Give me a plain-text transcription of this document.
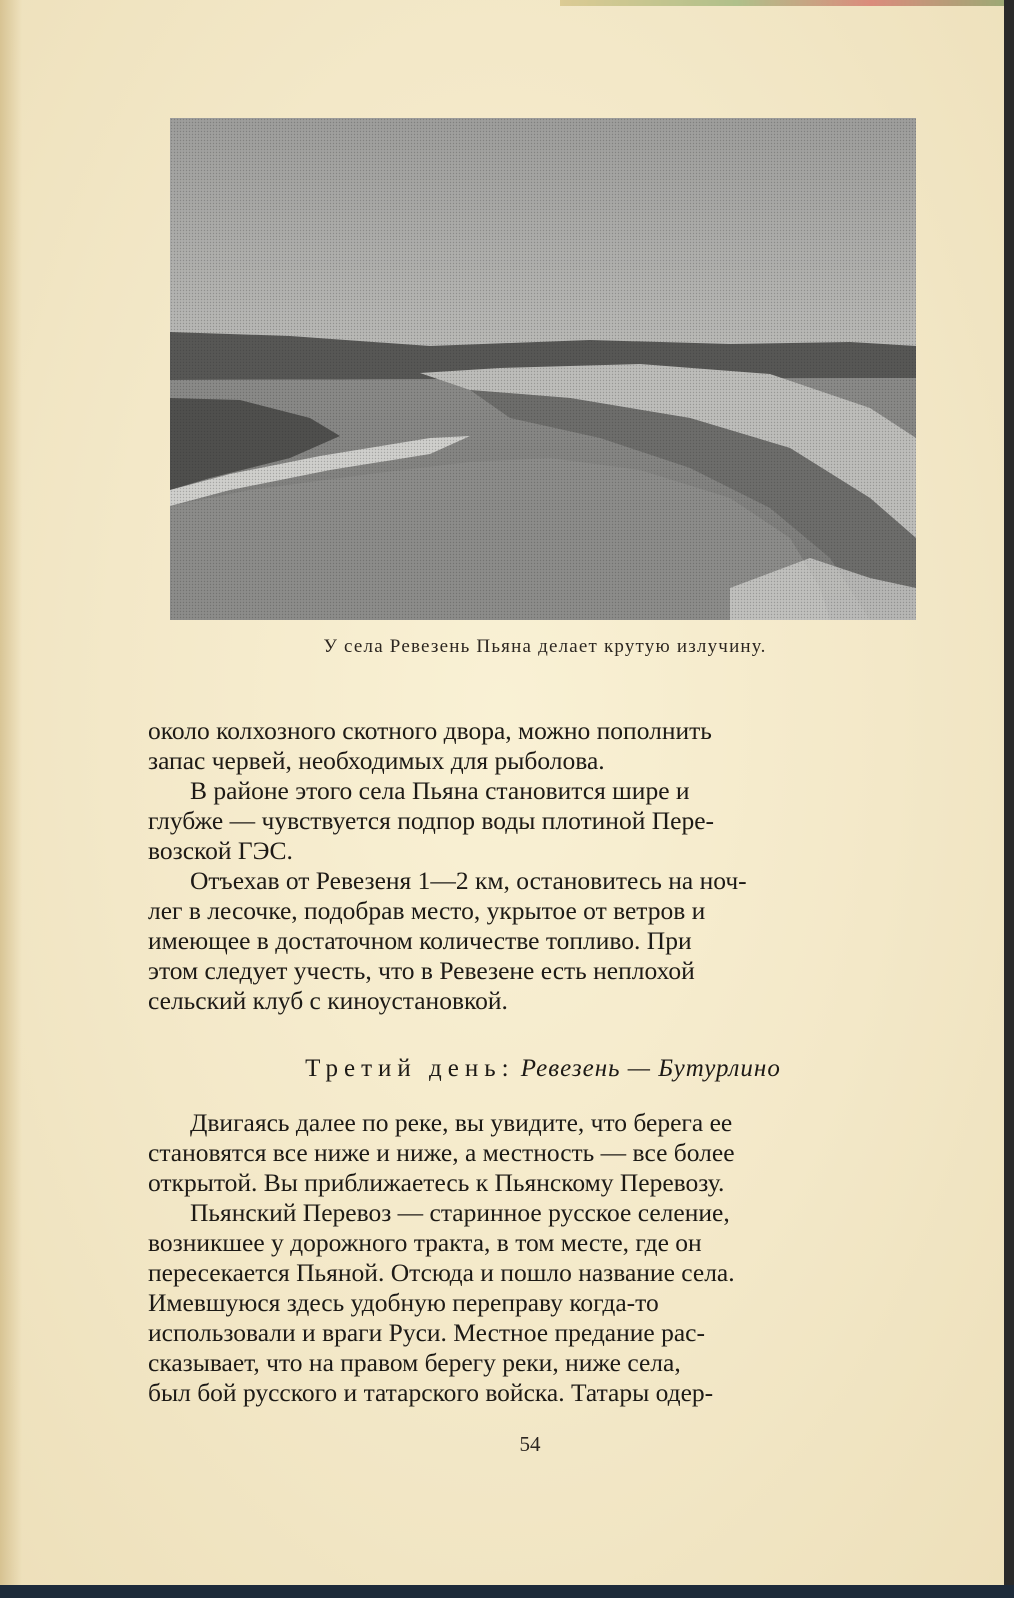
У села Ревезень Пьяна делает крутую излучину.

около колхозного скотного двора, можно пополнить
запас червей, необходимых для рыболова.

В районе этого села Пьяна становится шире и
глубже — чувствуется подпор воды плотиной Пере-
возской ГЭС.

Отъехав от Ревезеня 1—2 км, остановитесь на ноч-
лег в лесочке, подобрав место, укрытое от ветров и
имеющее в достаточном количестве топливо. При
этом следует учесть, что в Ревезене есть неплохой
сельский клуб с киноустановкой.

Третий день: Ревезень — Бутурлино

Двигаясь далее по реке, вы увидите, что берега ее
становятся все ниже и ниже, а местность — все более
открытой. Вы приближаетесь к Пьянскому Перевозу.

Пьянский Перевоз — старинное русское селение,
возникшее у дорожного тракта, в том месте, где он
пересекается Пьяной. Отсюда и пошло название села.
Имевшуюся здесь удобную переправу когда-то
использовали и враги Руси. Местное предание рас-
сказывает, что на правом берегу реки, ниже села,
был бой русского и татарского войска. Татары одер-

54
